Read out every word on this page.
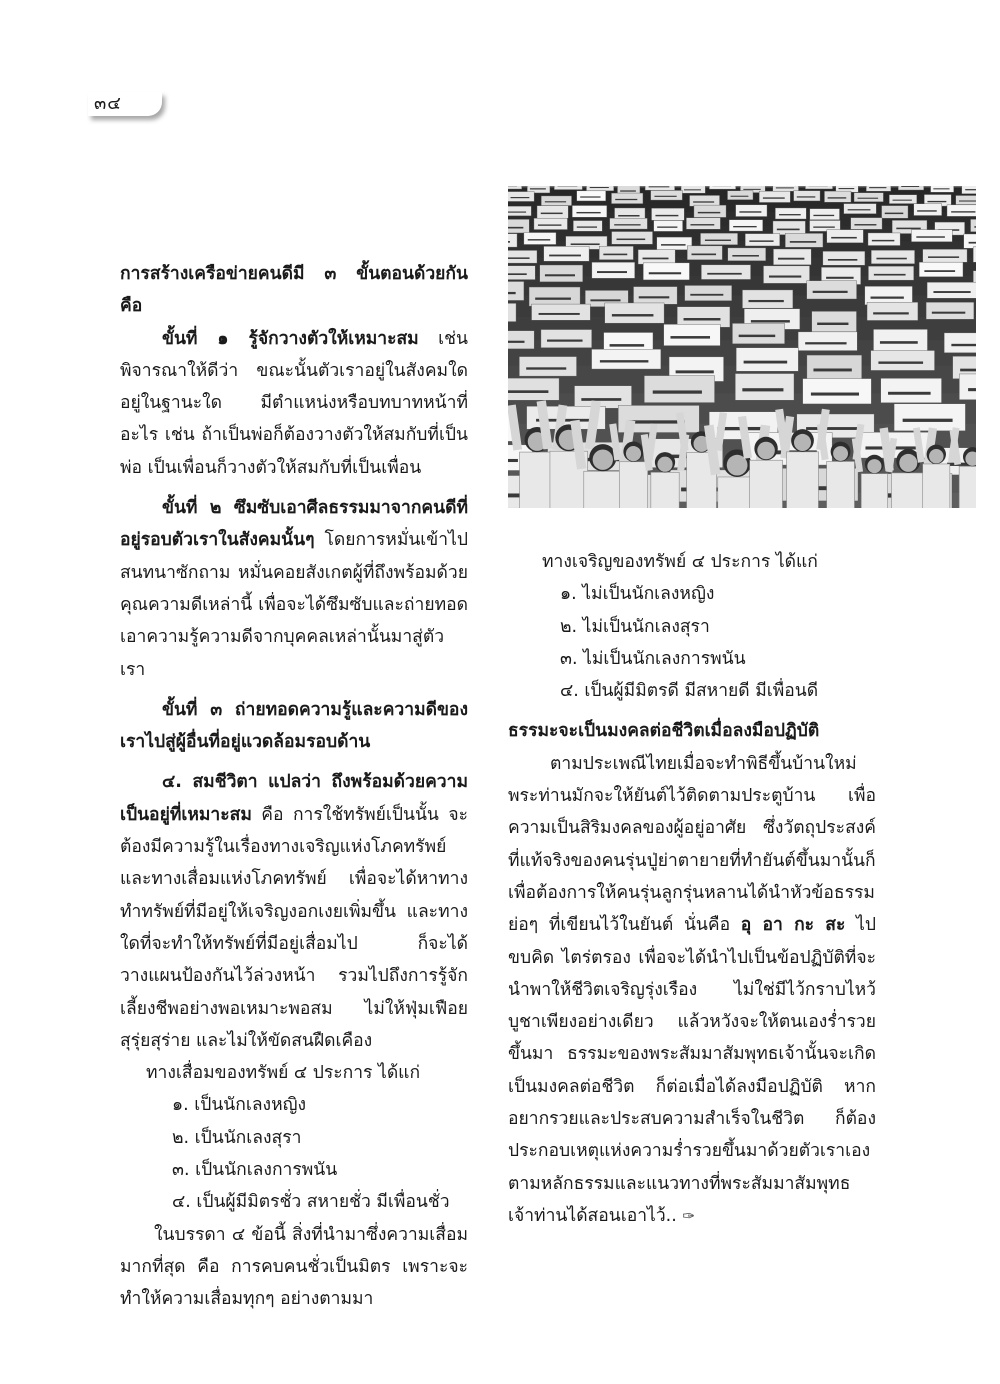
๓๔

การสร้างเครือข่ายคนดีมี ๓ ขั้นตอนด้วยกัน คือ

ขั้นที่ ๑ รู้จักวางตัวให้เหมาะสม เช่น พิจารณาให้ดีว่า ขณะนั้นตัวเราอยู่ในสังคมใด อยู่ในฐานะใด มีตำแหน่งหรือบทบาทหน้าที่อะไร เช่น ถ้าเป็นพ่อก็ต้องวางตัวให้สมกับที่เป็นพ่อ เป็นเพื่อนก็วางตัวให้สมกับที่เป็นเพื่อน

ขั้นที่ ๒ ซึมซับเอาศีลธรรมมาจากคนดีที่อยู่รอบตัวเราในสังคมนั้นๆ โดยการหมั่นเข้าไปสนทนาซักถาม หมั่นคอยสังเกตผู้ที่ถึงพร้อมด้วยคุณความดีเหล่านี้ เพื่อจะได้ซึมซับและถ่ายทอดเอาความรู้ความดีจากบุคคลเหล่านั้นมาสู่ตัวเรา

ขั้นที่ ๓ ถ่ายทอดความรู้และความดีของเราไปสู่ผู้อื่นที่อยู่แวดล้อมรอบด้าน

๔. สมชีวิตา แปลว่า ถึงพร้อมด้วยความเป็นอยู่ที่เหมาะสม คือ การใช้ทรัพย์เป็นนั้น จะต้องมีความรู้ในเรื่องทางเจริญแห่งโภคทรัพย์และทางเสื่อมแห่งโภคทรัพย์ เพื่อจะได้หาทางทำทรัพย์ที่มีอยู่ให้เจริญงอกเงยเพิ่มขึ้น และทางใดที่จะทำให้ทรัพย์ที่มีอยู่เสื่อมไป ก็จะได้วางแผนป้องกันไว้ล่วงหน้า รวมไปถึงการรู้จักเลี้ยงชีพอย่างพอเหมาะพอสม ไม่ให้ฟุ่มเฟือยสุรุ่ยสุร่าย และไม่ให้ขัดสนฝืดเคือง

ทางเสื่อมของทรัพย์ ๔ ประการ ได้แก่

๑. เป็นนักเลงหญิง

๒. เป็นนักเลงสุรา

๓. เป็นนักเลงการพนัน

๔. เป็นผู้มีมิตรชั่ว สหายชั่ว มีเพื่อนชั่ว

ในบรรดา ๔ ข้อนี้ สิ่งที่นำมาซึ่งความเสื่อมมากที่สุด คือ การคบคนชั่วเป็นมิตร เพราะจะทำให้ความเสื่อมทุกๆ อย่างตามมา

ทางเจริญของทรัพย์ ๔ ประการ ได้แก่

๑. ไม่เป็นนักเลงหญิง

๒. ไม่เป็นนักเลงสุรา

๓. ไม่เป็นนักเลงการพนัน

๔. เป็นผู้มีมิตรดี มีสหายดี มีเพื่อนดี

ธรรมะจะเป็นมงคลต่อชีวิตเมื่อลงมือปฏิบัติ

ตามประเพณีไทยเมื่อจะทำพิธีขึ้นบ้านใหม่ พระท่านมักจะให้ยันต์ไว้ติดตามประตูบ้าน เพื่อความเป็นสิริมงคลของผู้อยู่อาศัย ซึ่งวัตถุประสงค์ที่แท้จริงของคนรุ่นปู่ย่าตายายที่ทำยันต์ขึ้นมานั้นก็เพื่อต้องการให้คนรุ่นลูกรุ่นหลานได้นำหัวข้อธรรมย่อๆ ที่เขียนไว้ในยันต์ นั่นคือ อุ อา กะ สะ ไปขบคิด ไตร่ตรอง เพื่อจะได้นำไปเป็นข้อปฏิบัติที่จะนำพาให้ชีวิตเจริญรุ่งเรือง ไม่ใช่มีไว้กราบไหว้บูชาเพียงอย่างเดียว แล้วหวังจะให้ตนเองร่ำรวยขึ้นมา ธรรมะของพระสัมมาสัมพุทธเจ้านั้นจะเกิดเป็นมงคลต่อชีวิต ก็ต่อเมื่อได้ลงมือปฏิบัติ หากอยากรวยและประสบความสำเร็จในชีวิต ก็ต้องประกอบเหตุแห่งความร่ำรวยขึ้นมาด้วยตัวเราเอง ตามหลักธรรมและแนวทางที่พระสัมมาสัมพุทธเจ้าท่านได้สอนเอาไว้.. ✑
